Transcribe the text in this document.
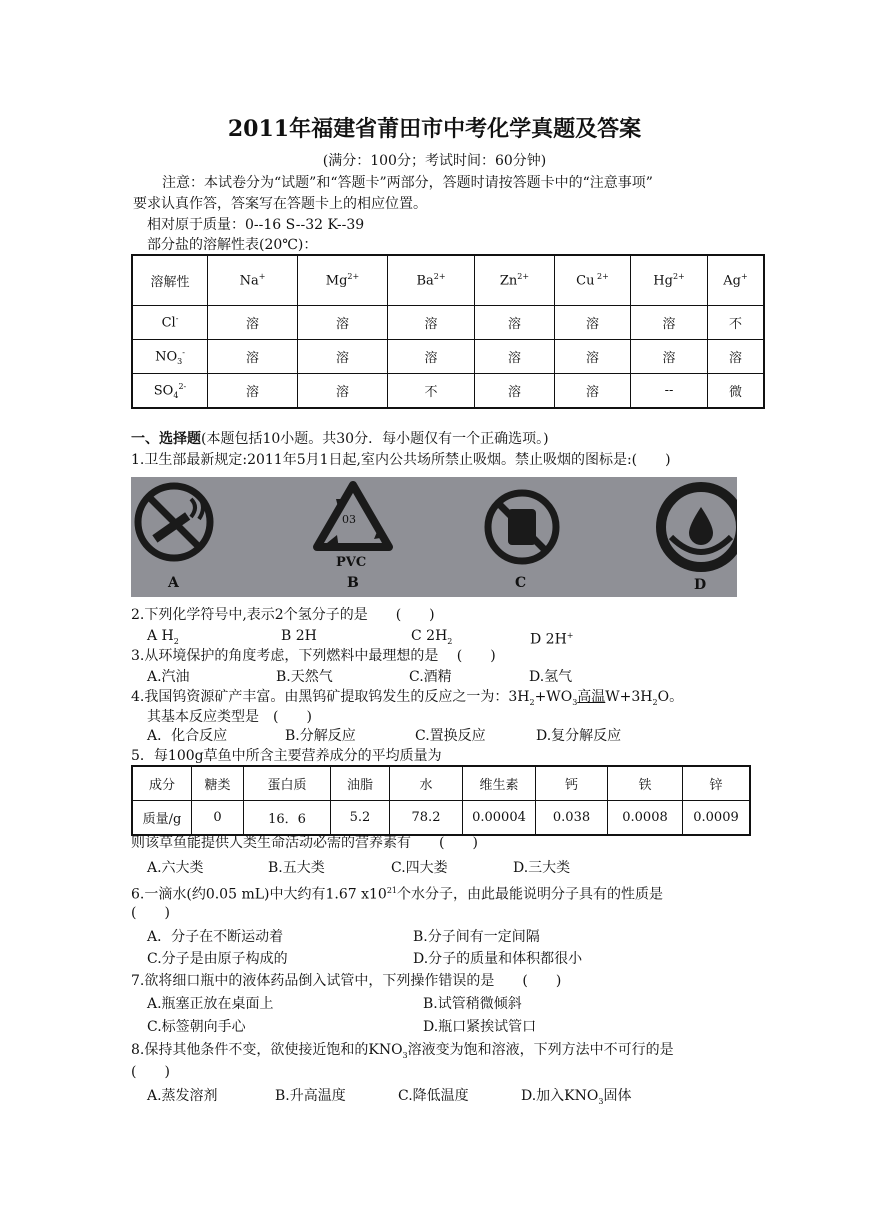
2011年福建省莆田市中考化学真题及答案
(满分：100分；考试时间：60分钟)
注意：本试卷分为“试题”和“答题卡”两部分，答题时请按答题卡中的“注意事项”
要求认真作答，答案写在答题卡上的相应位置。
相对原于质量：0--16 S--32 K--39
部分盐的溶解性表(20℃)：
溶解性	Na+	$Mg^{2+}$	$Ba^{2+}$	$Zn^{2+}$	Cu $^{2+}$	$Hg^{2+}$	Ag+
Cl-	溶	溶	溶	溶	溶	溶	不
$NO_3^-$	溶	溶	溶	溶	溶	溶	溶
$SO_4^{2-}$	溶	溶	不	溶	溶	--	微
一、选择题(本题包括10小题。共30分．每小题仅有一个正确选项。)
1.卫生部最新规定:2011年5月1日起,室内公共场所禁止吸烟。禁止吸烟的图标是:(　　)
A
03
PVC
B	C	D
2.下列化学符号中,表示2个氢分子的是　　(　　)
A $H_2$	B 2H	C $2H_2$	D 2H+
3.从环境保护的角度考虑，下列燃料中最理想的是　 (　　)
A.汽油	B.天然气	C.酒精	D.氢气
4.我国钨资源矿产丰富。由黑钨矿提取钨发生的反应之一为：$3H_2+WO_3$高温$W+3H_2O$。
其基本反应类型是　(　　)
A．化合反应	B.分解反应	C.置换反应	D.复分解反应
5．每100g草鱼中所含主要营养成分的平均质量为
成分	糖类	蛋白质	油脂	水	维生素	钙	铁	锌
质量/g	0	16．6	5.2	78.2	0.00004	0.038	0.0008	0.0009
则该草鱼能提供人类生命活动必需的营养素有　　(　　)
A.六大类	B.五大类	C.四大娄	D.三大类
6.一滴水(约0.05 mL)中大约有1.67 $x10^{21}$个水分子，由此最能说明分子具有的性质是
(　　)
A．分子在不断运动着	B.分子间有一定间隔
C.分子是由原子构成的	D.分子的质量和体积都很小
7.欲将细口瓶中的液体药品倒入试管中，下列操作错误的是　　(　　)
A.瓶塞正放在桌面上	B.试管稍微倾斜
C.标签朝向手心	D.瓶口紧挨试管口
8.保持其他条件不变，欲使接近饱和的$KNO_3$溶液变为饱和溶液，下列方法中不可行的是
(　　)
A.蒸发溶剂	B.升高温度	C.降低温度	D.加入$KNO_3$固体
